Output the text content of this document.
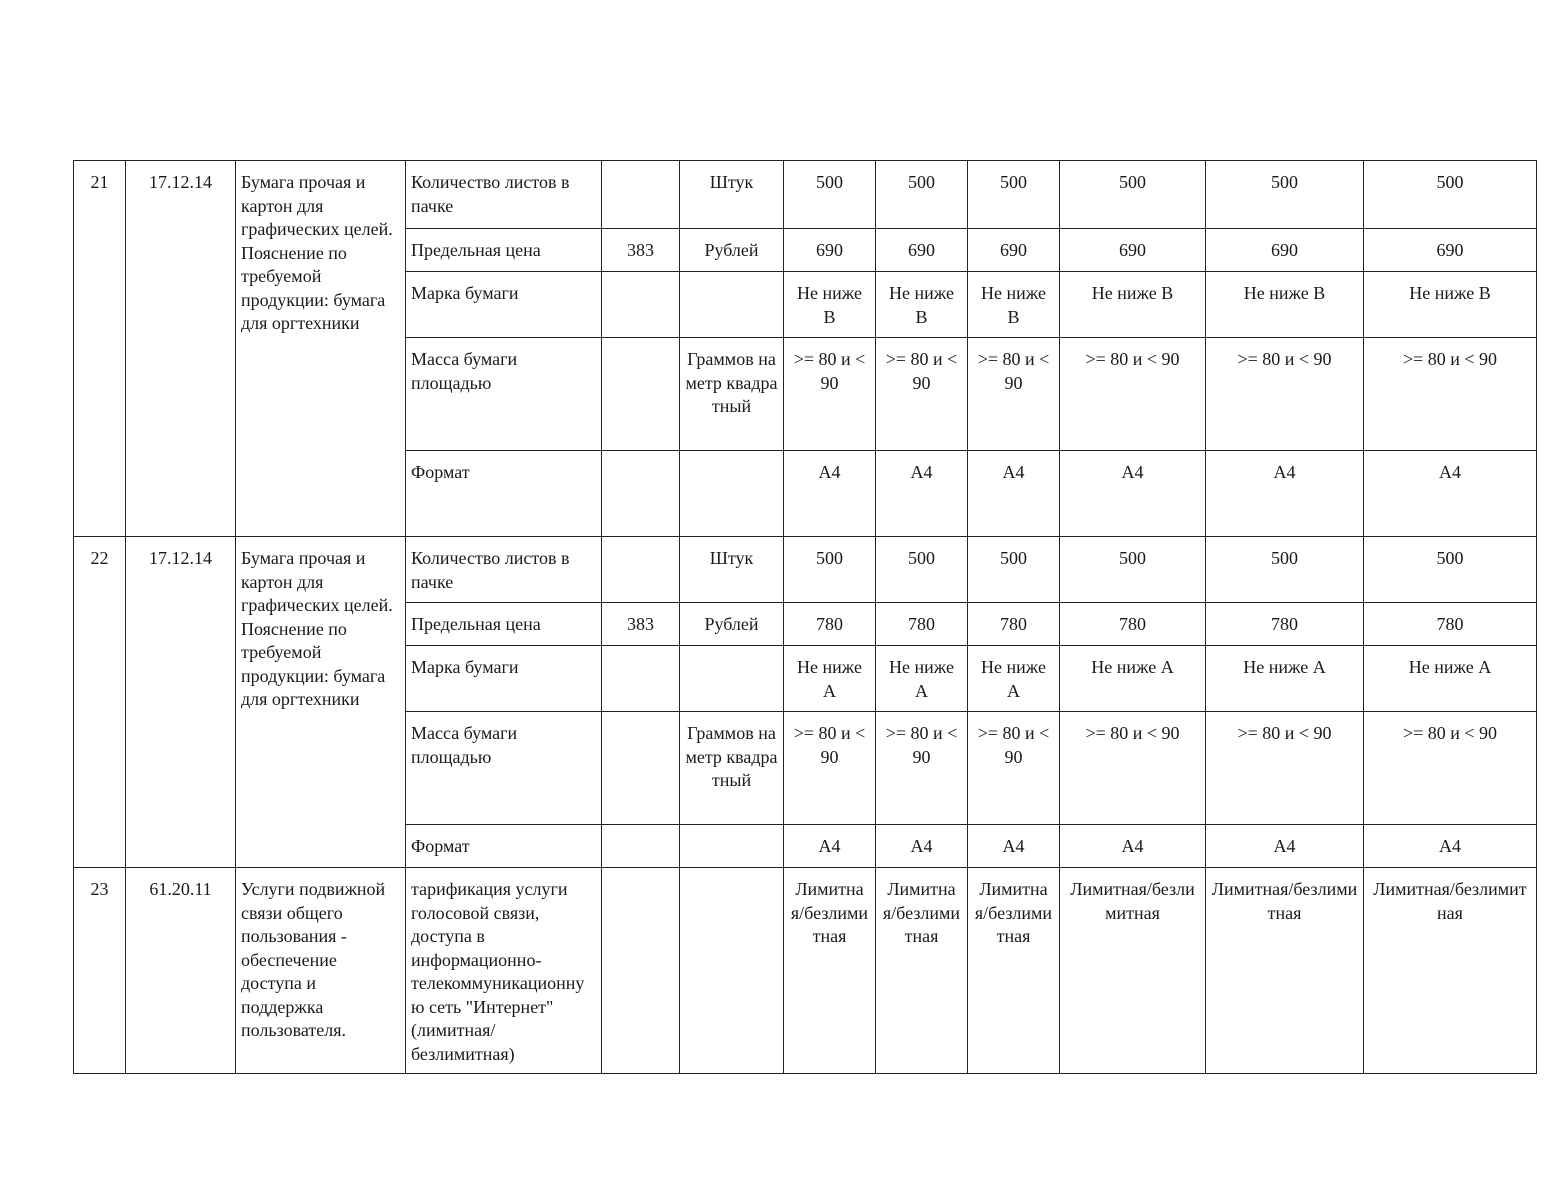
21	17.12.14	Бумага прочая и картон для графических целей. Пояснение по требуемой продукции: бумага для оргтехники	Количество листов в пачке		Штук	500	500	500	500	500	500
			Предельная цена	383	Рублей	690	690	690	690	690	690
			Марка бумаги			Не ниже В	Не ниже В	Не ниже В	Не ниже В	Не ниже В	Не ниже В
			Масса бумаги площадью		Граммов на метр квадратный	>= 80 и < 90	>= 80 и < 90	>= 80 и < 90	>= 80 и < 90	>= 80 и < 90	>= 80 и < 90
			Формат			А4	А4	А4	А4	А4	А4
22	17.12.14	Бумага прочая и картон для графических целей. Пояснение по требуемой продукции: бумага для оргтехники	Количество листов в пачке		Штук	500	500	500	500	500	500
			Предельная цена	383	Рублей	780	780	780	780	780	780
			Марка бумаги			Не ниже А	Не ниже А	Не ниже А	Не ниже А	Не ниже А	Не ниже А
			Масса бумаги площадью		Граммов на метр квадратный	>= 80 и < 90	>= 80 и < 90	>= 80 и < 90	>= 80 и < 90	>= 80 и < 90	>= 80 и < 90
			Формат			А4	А4	А4	А4	А4	А4
23	61.20.11	Услуги подвижной связи общего пользования - обеспечение доступа и поддержка пользователя.	тарификация услуги голосовой связи, доступа в информационно-телекоммуникационную сеть "Интернет" (лимитная/безлимитная)			Лимитная/безлимитная	Лимитная/безлимитная	Лимитная/безлимитная	Лимитная/безлимитная	Лимитная/безлимитная	Лимитная/безлимитная
